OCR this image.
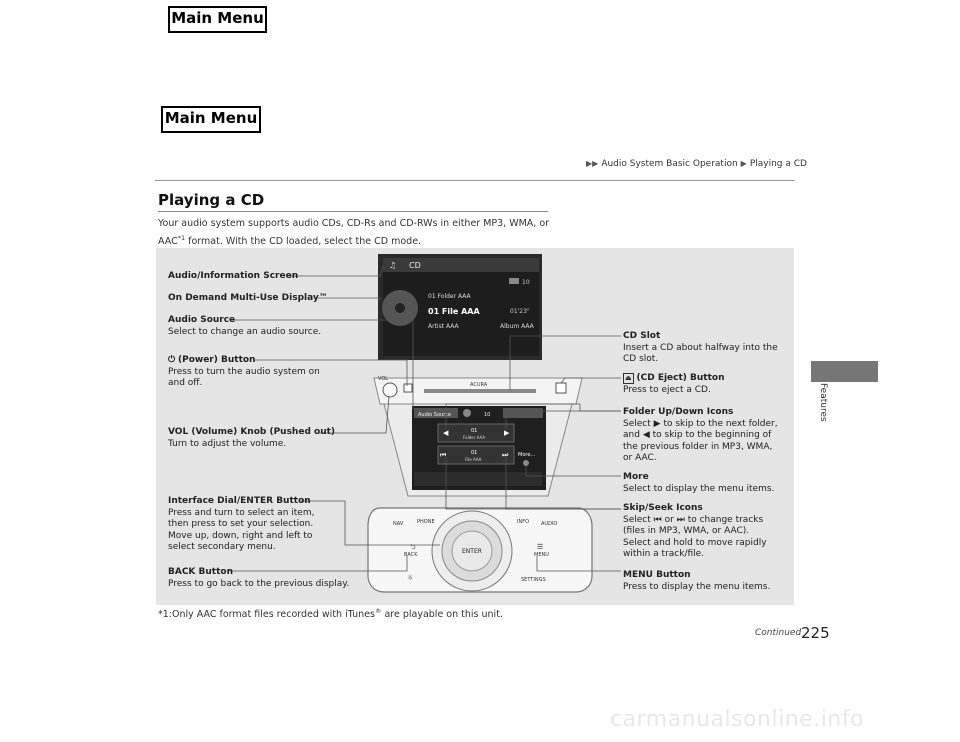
Main Menu
Main Menu
▶▶ Audio System Basic Operation ▶ Playing a CD
Playing a CD
Your audio system supports audio CDs, CD-Rs and CD-RWs in either MP3, WMA, or
AAC$^{*1}$ format. With the CD loaded, select the CD mode.
♫ CD
10
01 Folder AAA
01 File AAA	01'23"
Artist AAA	Album AAA
ACURA
VOL
Audio Source	10
01
Folder AAA
◀	▶
01
File AAA
⏮	⏭ More...
ENTER
NAV	PHONE	INFO AUDIO
BACK	MENU
SETTINGS
⮌	☰
☼
Audio/Information Screen
On Demand Multi-Use Display™
Audio Source
Select to change an audio source.
⏻ (Power) Button
Press to turn the audio system on
and off.
VOL (Volume) Knob (Pushed out)
Turn to adjust the volume.
Interface Dial/ENTER Button
Press and turn to select an item,
then press to set your selection.
Move up, down, right and left to
select secondary menu.
BACK Button
Press to go back to the previous display.
CD Slot
Insert a CD about halfway into the
CD slot.
⏏ (CD Eject) Button
Press to eject a CD.
Folder Up/Down Icons
Select ▶ to skip to the next folder,
and ◀ to skip to the beginning of
the previous folder in MP3, WMA,
or AAC.
More
Select to display the menu items.
Skip/Seek Icons
Select ⏮ or ⏭ to change tracks
(files in MP3, WMA, or AAC).
Select and hold to move rapidly
within a track/file.
MENU Button
Press to display the menu items.
*1:Only AAC format files recorded with iTunes® are playable on this unit.
Features
Continued 225
carmanualsonline.info
